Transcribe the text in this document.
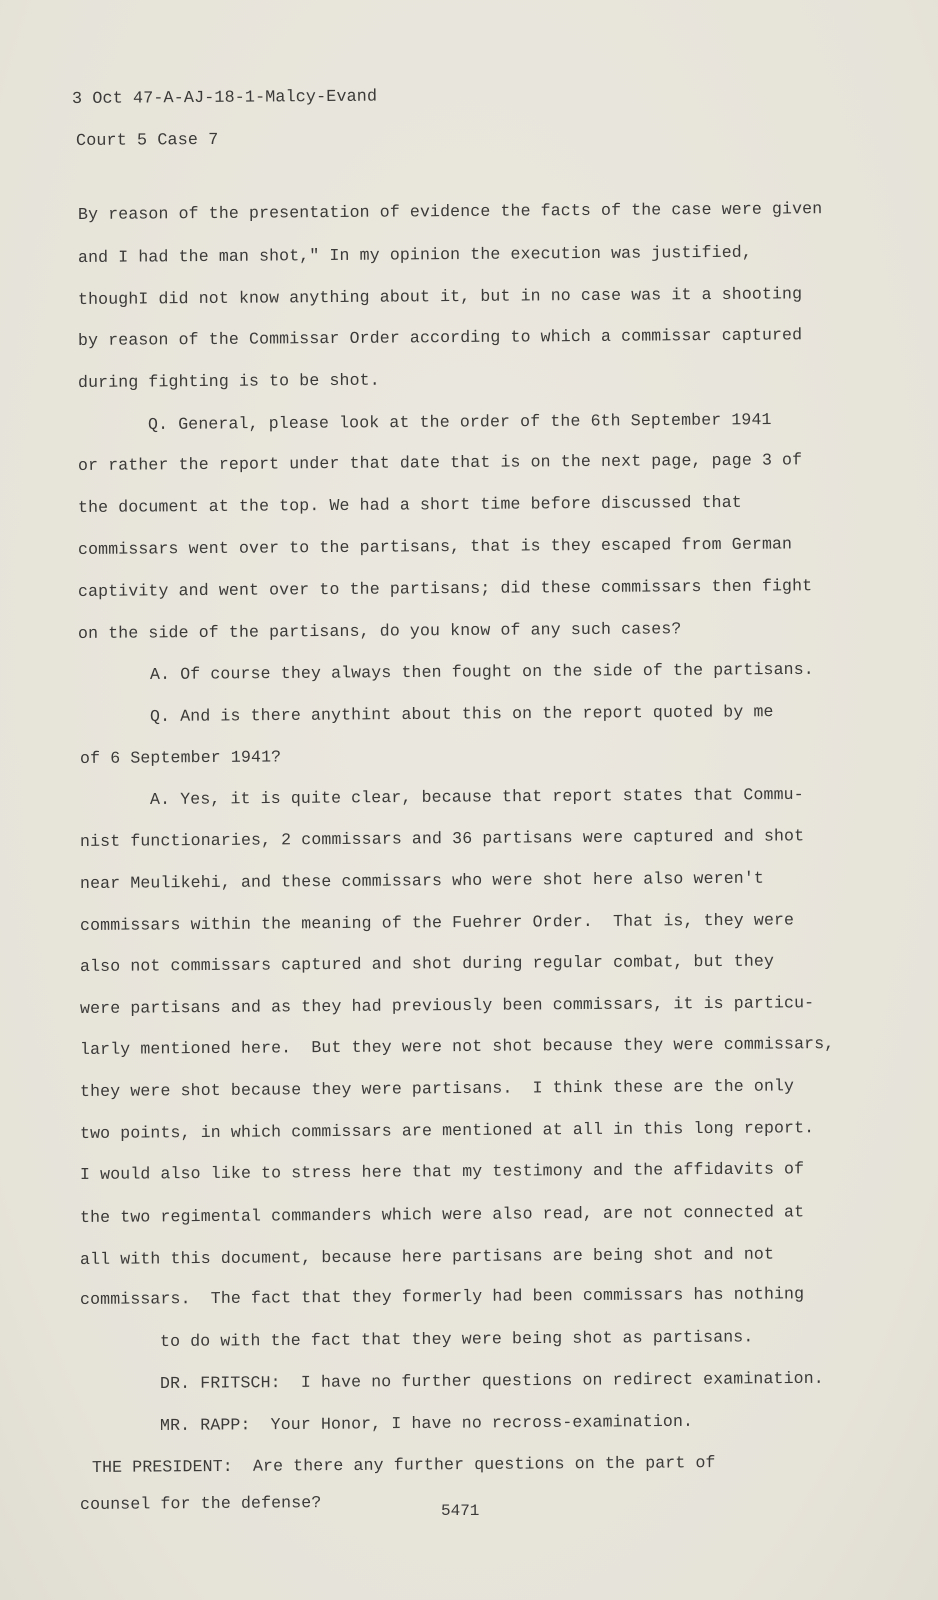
3 Oct 47-A-AJ-18-1-Malcy-Evand
Court 5 Case 7
By reason of the presentation of evidence the facts of the case were given
and I had the man shot," In my opinion the execution was justified,
thoughI did not know anything about it, but in no case was it a shooting
by reason of the Commissar Order according to which a commissar captured
during fighting is to be shot.
Q. General, please look at the order of the 6th September 1941
or rather the report under that date that is on the next page, page 3 of
the document at the top. We had a short time before discussed that
commissars went over to the partisans, that is they escaped from German
captivity and went over to the partisans; did these commissars then fight
on the side of the partisans, do you know of any such cases?
A. Of course they always then fought on the side of the partisans.
Q. And is there anythint about this on the report quoted by me
of 6 September 1941?
A. Yes, it is quite clear, because that report states that Commu-
nist functionaries, 2 commissars and 36 partisans were captured and shot
near Meulikehi, and these commissars who were shot here also weren't
commissars within the meaning of the Fuehrer Order.  That is, they were
also not commissars captured and shot during regular combat, but they
were partisans and as they had previously been commissars, it is particu-
larly mentioned here.  But they were not shot because they were commissars,
they were shot because they were partisans.  I think these are the only
two points, in which commissars are mentioned at all in this long report.
I would also like to stress here that my testimony and the affidavits of
the two regimental commanders which were also read, are not connected at
all with this document, because here partisans are being shot and not
commissars.  The fact that they formerly had been commissars has nothing
to do with the fact that they were being shot as partisans.
DR. FRITSCH:  I have no further questions on redirect examination.
MR. RAPP:  Your Honor, I have no recross-examination.
THE PRESIDENT:  Are there any further questions on the part of
counsel for the defense?	5471
